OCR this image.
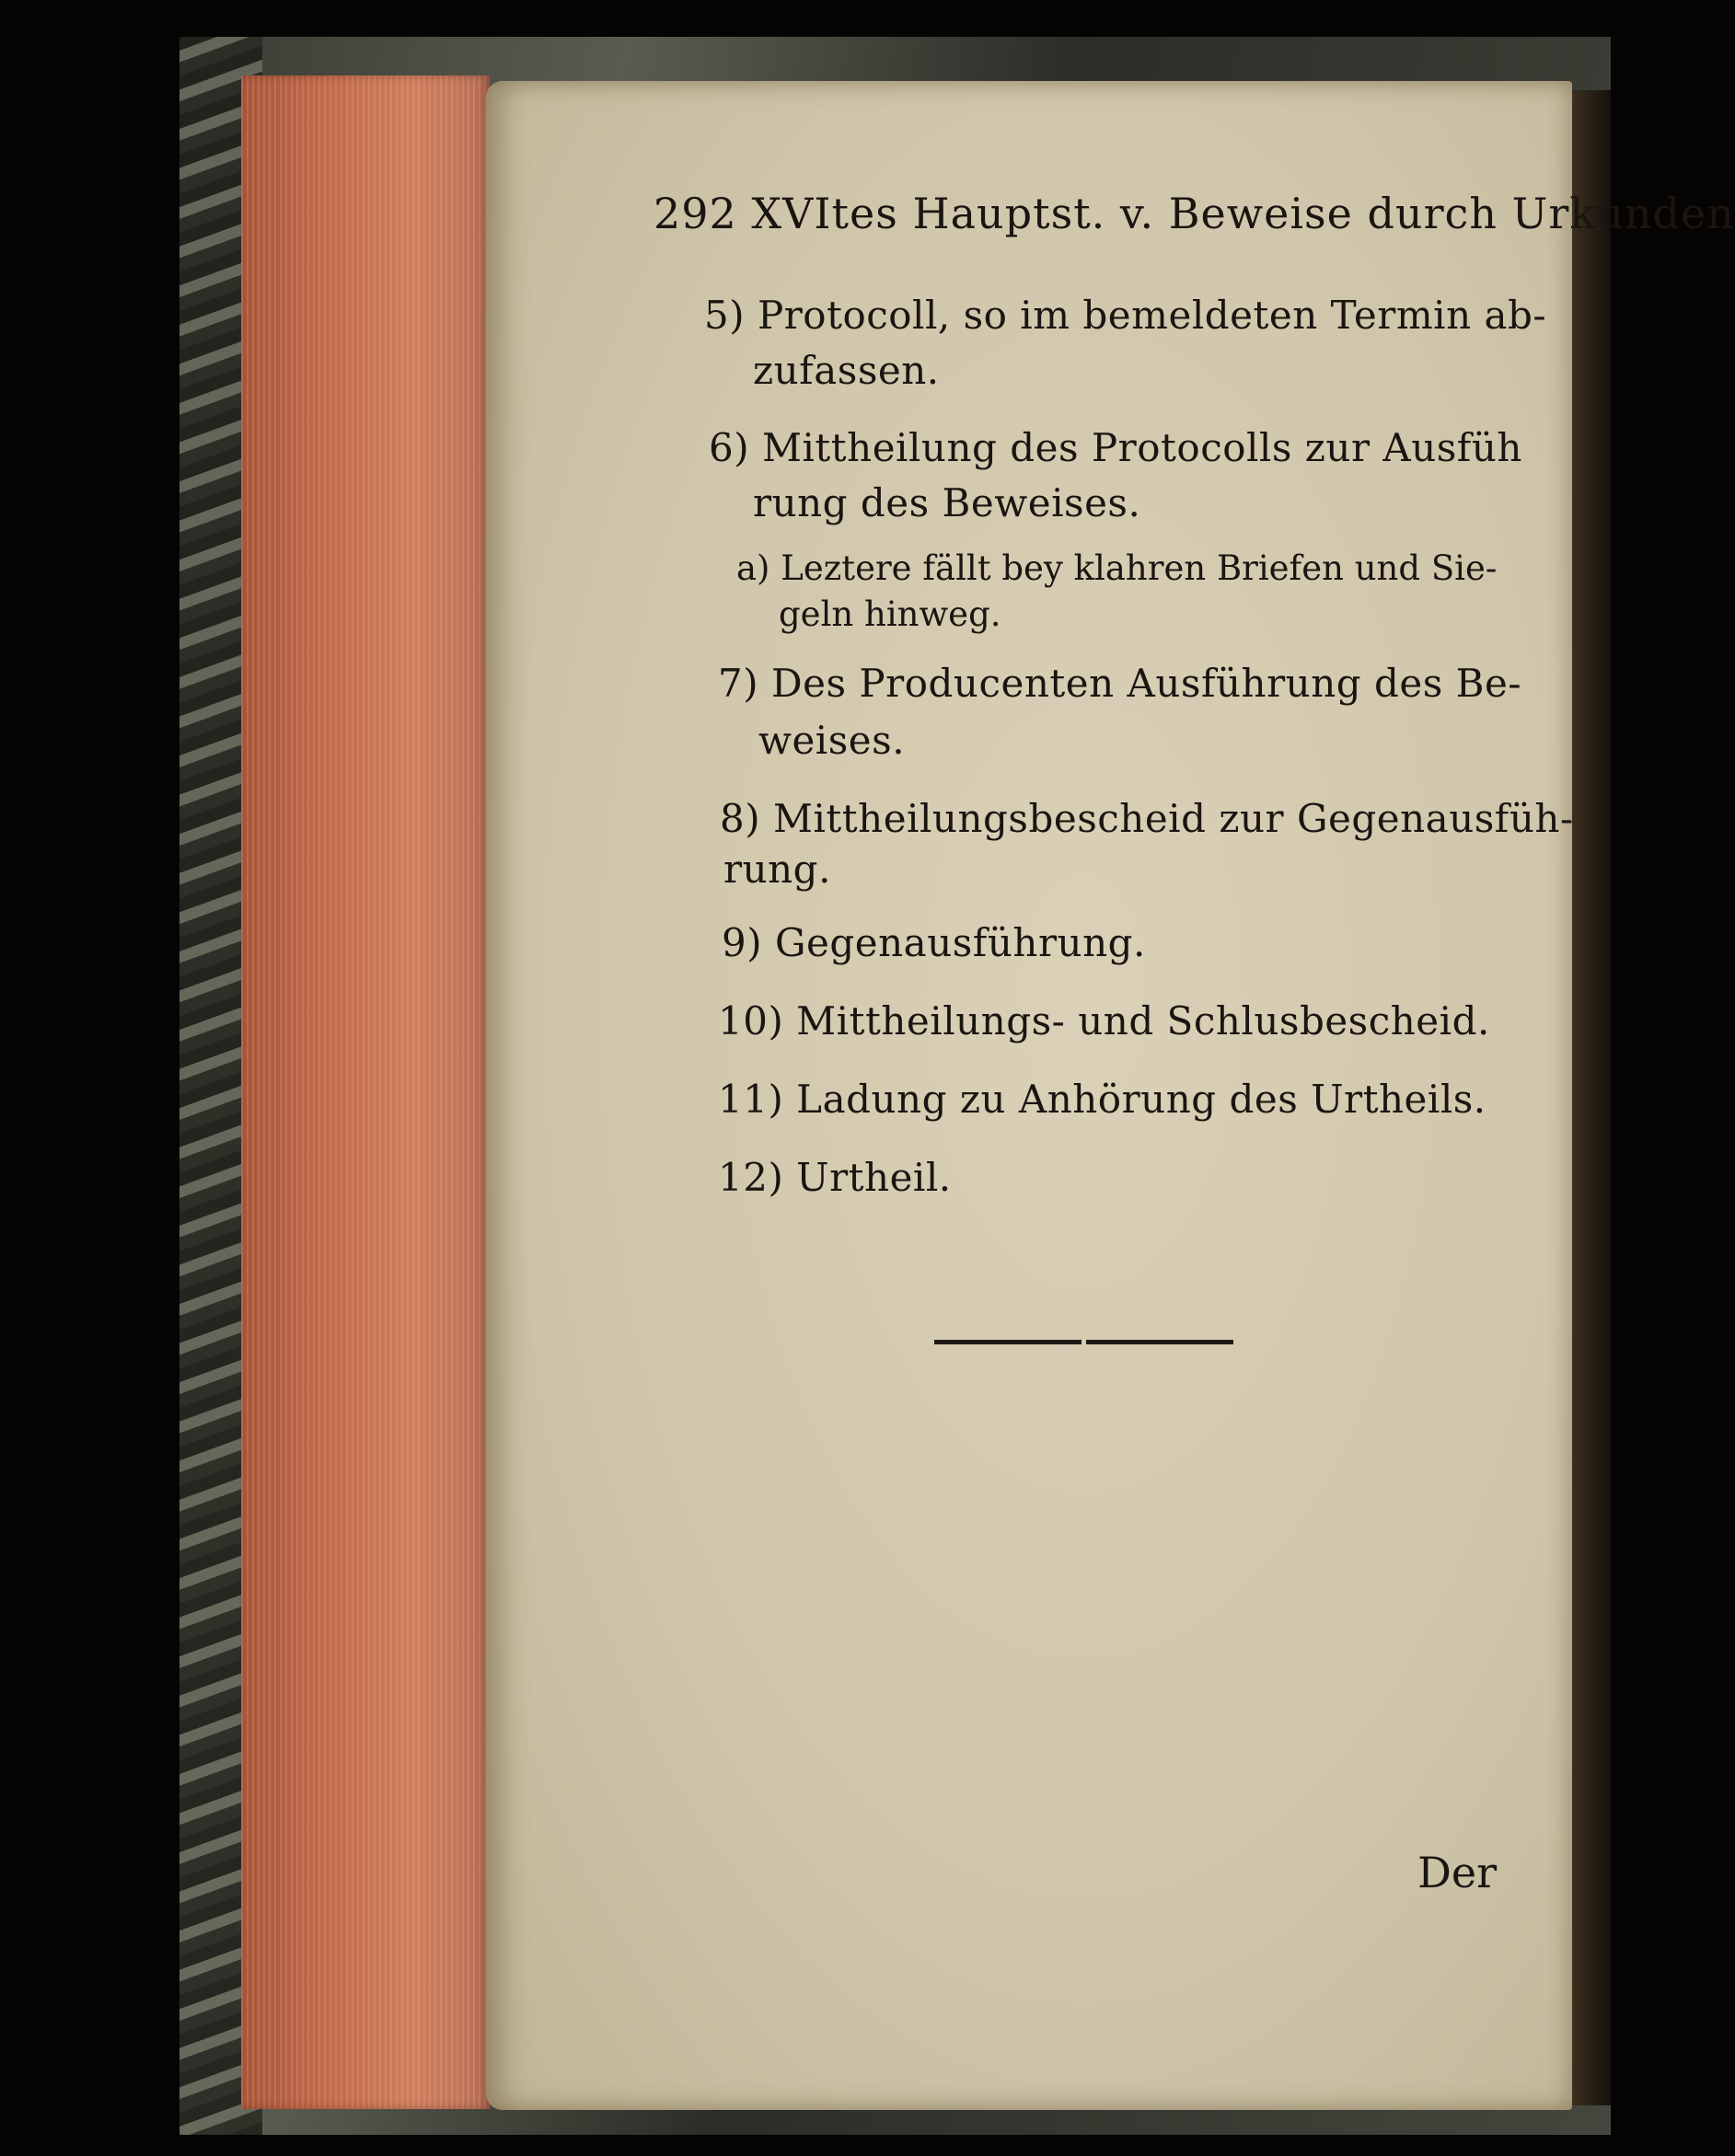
292 XVItes Hauptst. v. Beweise durch Urkunden
5) Protocoll, so im bemeldeten Termin ab-
zufassen.
6) Mittheilung des Protocolls zur Ausfüh
rung des Beweises.
a) Leztere fällt bey klahren Briefen und Sie-
geln hinweg.
7) Des Producenten Ausführung des Be-
weises.
8) Mittheilungsbescheid zur Gegenausfüh-
rung.
9) Gegenausführung.
10) Mittheilungs- und Schlusbescheid.
11) Ladung zu Anhörung des Urtheils.
12) Urtheil.
Der
